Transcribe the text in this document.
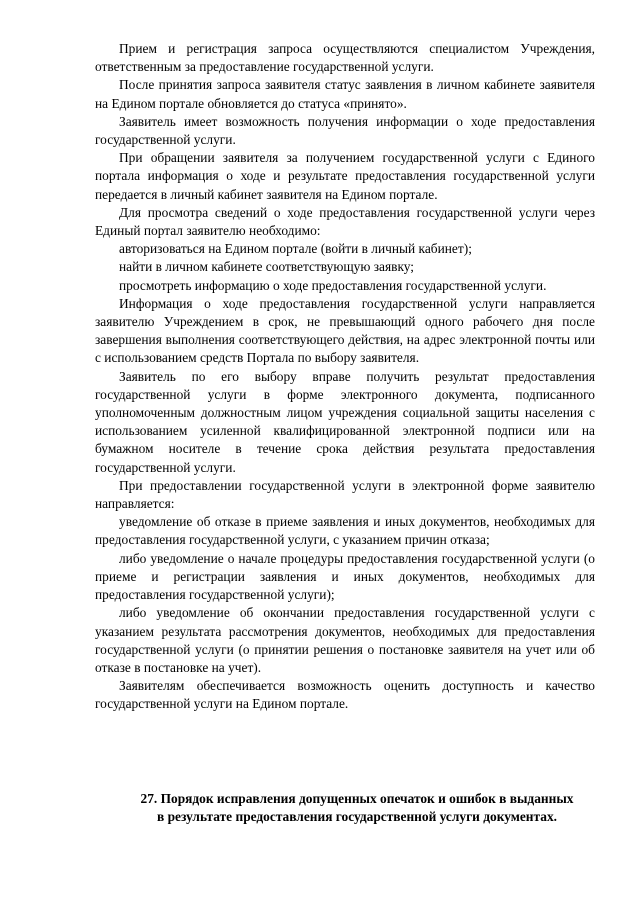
Прием и регистрация запроса осуществляются специалистом Учреждения, ответственным за предоставление государственной услуги.

После принятия запроса заявителя статус заявления в личном кабинете заявителя на Едином портале обновляется до статуса «принято».

Заявитель имеет возможность получения информации о ходе предоставления государственной услуги.

При обращении заявителя за получением государственной услуги с Единого портала информация о ходе и результате предоставления государственной услуги передается в личный кабинет заявителя на Едином портале.

Для просмотра сведений о ходе предоставления государственной услуги через Единый портал заявителю необходимо:

авторизоваться на Едином портале (войти в личный кабинет);

найти в личном кабинете соответствующую заявку;

просмотреть информацию о ходе предоставления государственной услуги.

Информация о ходе предоставления государственной услуги направляется заявителю Учреждением в срок, не превышающий одного рабочего дня после завершения выполнения соответствующего действия, на адрес электронной почты или с использованием средств Портала по выбору заявителя.

Заявитель по его выбору вправе получить результат предоставления государственной услуги в форме электронного документа, подписанного уполномоченным должностным лицом учреждения социальной защиты населения с использованием усиленной квалифицированной электронной подписи или на бумажном носителе в течение срока действия результата предоставления государственной услуги.

При предоставлении государственной услуги в электронной форме заявителю направляется:

уведомление об отказе в приеме заявления и иных документов, необходимых для предоставления государственной услуги, с указанием причин отказа;

либо уведомление о начале процедуры предоставления государственной услуги (о приеме и регистрации заявления и иных документов, необходимых для предоставления государственной услуги);

либо уведомление об окончании предоставления государственной услуги с указанием результата рассмотрения документов, необходимых для предоставления государственной услуги (о принятии решения о постановке заявителя на учет или об отказе в постановке на учет).

Заявителям обеспечивается возможность оценить доступность и качество государственной услуги на Едином портале.

27. Порядок исправления допущенных опечаток и ошибок в выданных
в результате предоставления государственной услуги документах.
